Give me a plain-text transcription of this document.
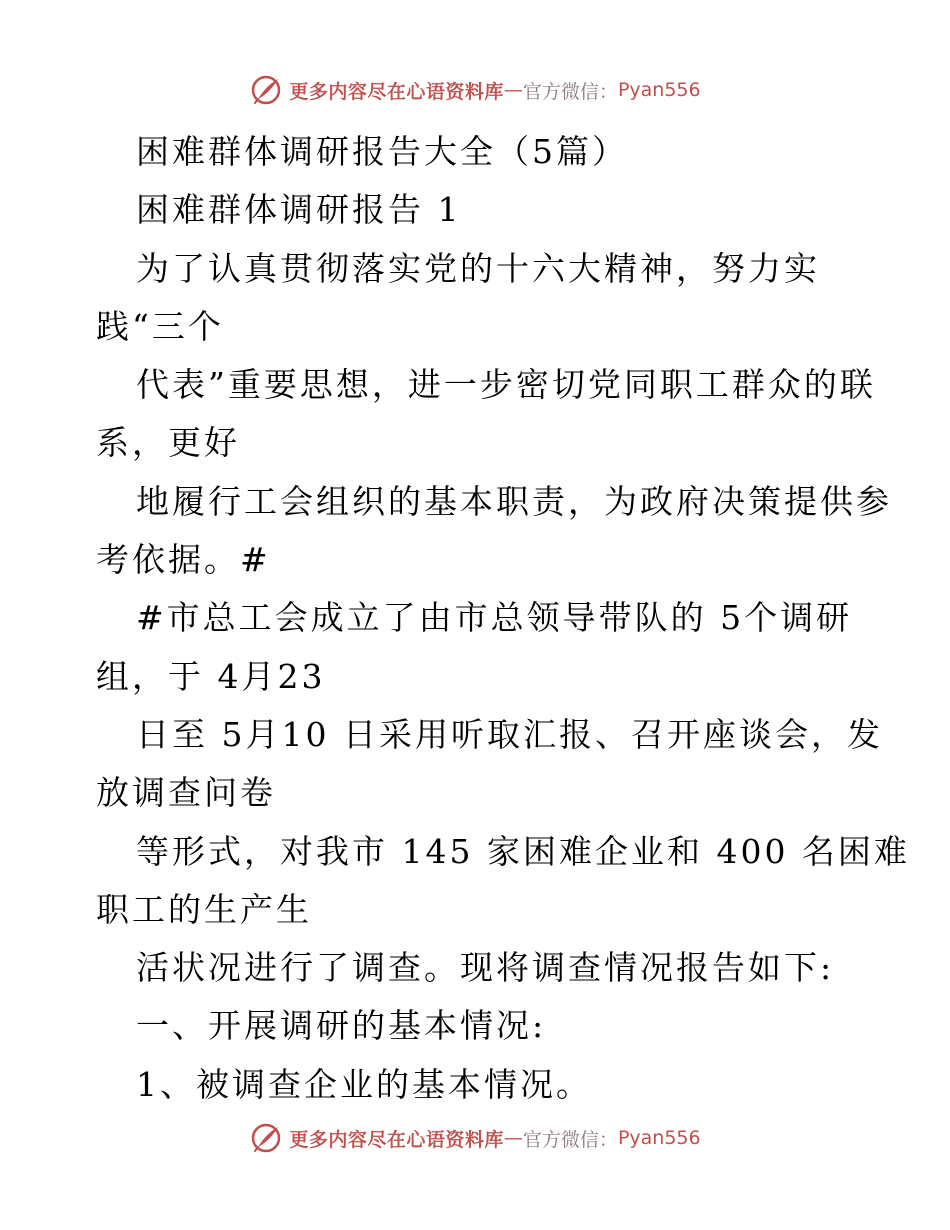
更多内容尽在心语资料库 — 官方微信： Pyan556
困难群体调研报告大全（5篇）
困难群体调研报告 1
为了认真贯彻落实党的十六大精神，努力实
践“三个
代表”重要思想，进一步密切党同职工群众的联
系，更好
地履行工会组织的基本职责，为政府决策提供参
考依据。#
#市总工会成立了由市总领导带队的 5个调研
组，于 4月23
日至 5月10 日采用听取汇报、召开座谈会，发
放调查问卷
等形式，对我市 145 家困难企业和 400 名困难
职工的生产生
活状况进行了调查。现将调查情况报告如下:
一、开展调研的基本情况:
1、被调查企业的基本情况。
更多内容尽在心语资料库 — 官方微信： Pyan556
